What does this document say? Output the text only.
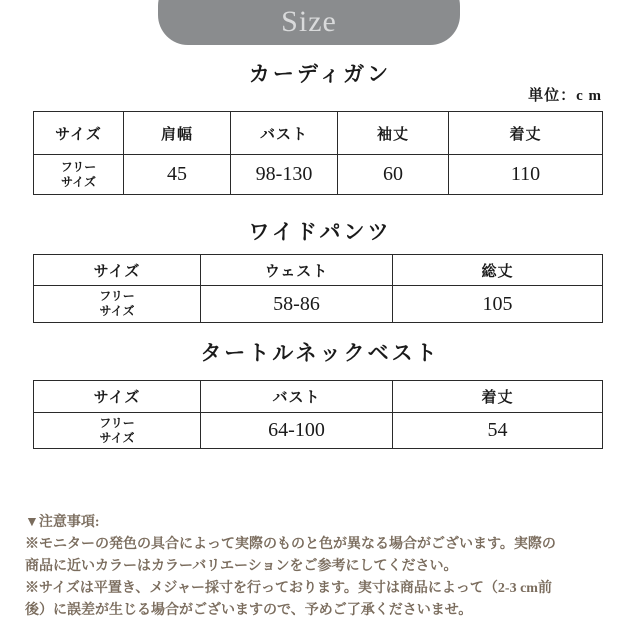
Size
カーディガン
単位：c m
サイズ	肩幅	バスト	袖丈	着丈

フリー
サイズ	45	98-130	60	110
ワイドパンツ
サイズ	ウェスト	総丈

フリー
サイズ	58-86	105
タートルネックベスト
サイズ	バスト	着丈

フリー
サイズ	64-100	54
▼注意事項:
※モニターの発色の具合によって実際のものと色が異なる場合がございます。実際の
商品に近いカラーはカラーバリエーションをご参考にしてください。
※サイズは平置き、メジャー採寸を行っております。実寸は商品によって（2-3 cm前
後）に誤差が生じる場合がございますので、予めご了承くださいませ。
